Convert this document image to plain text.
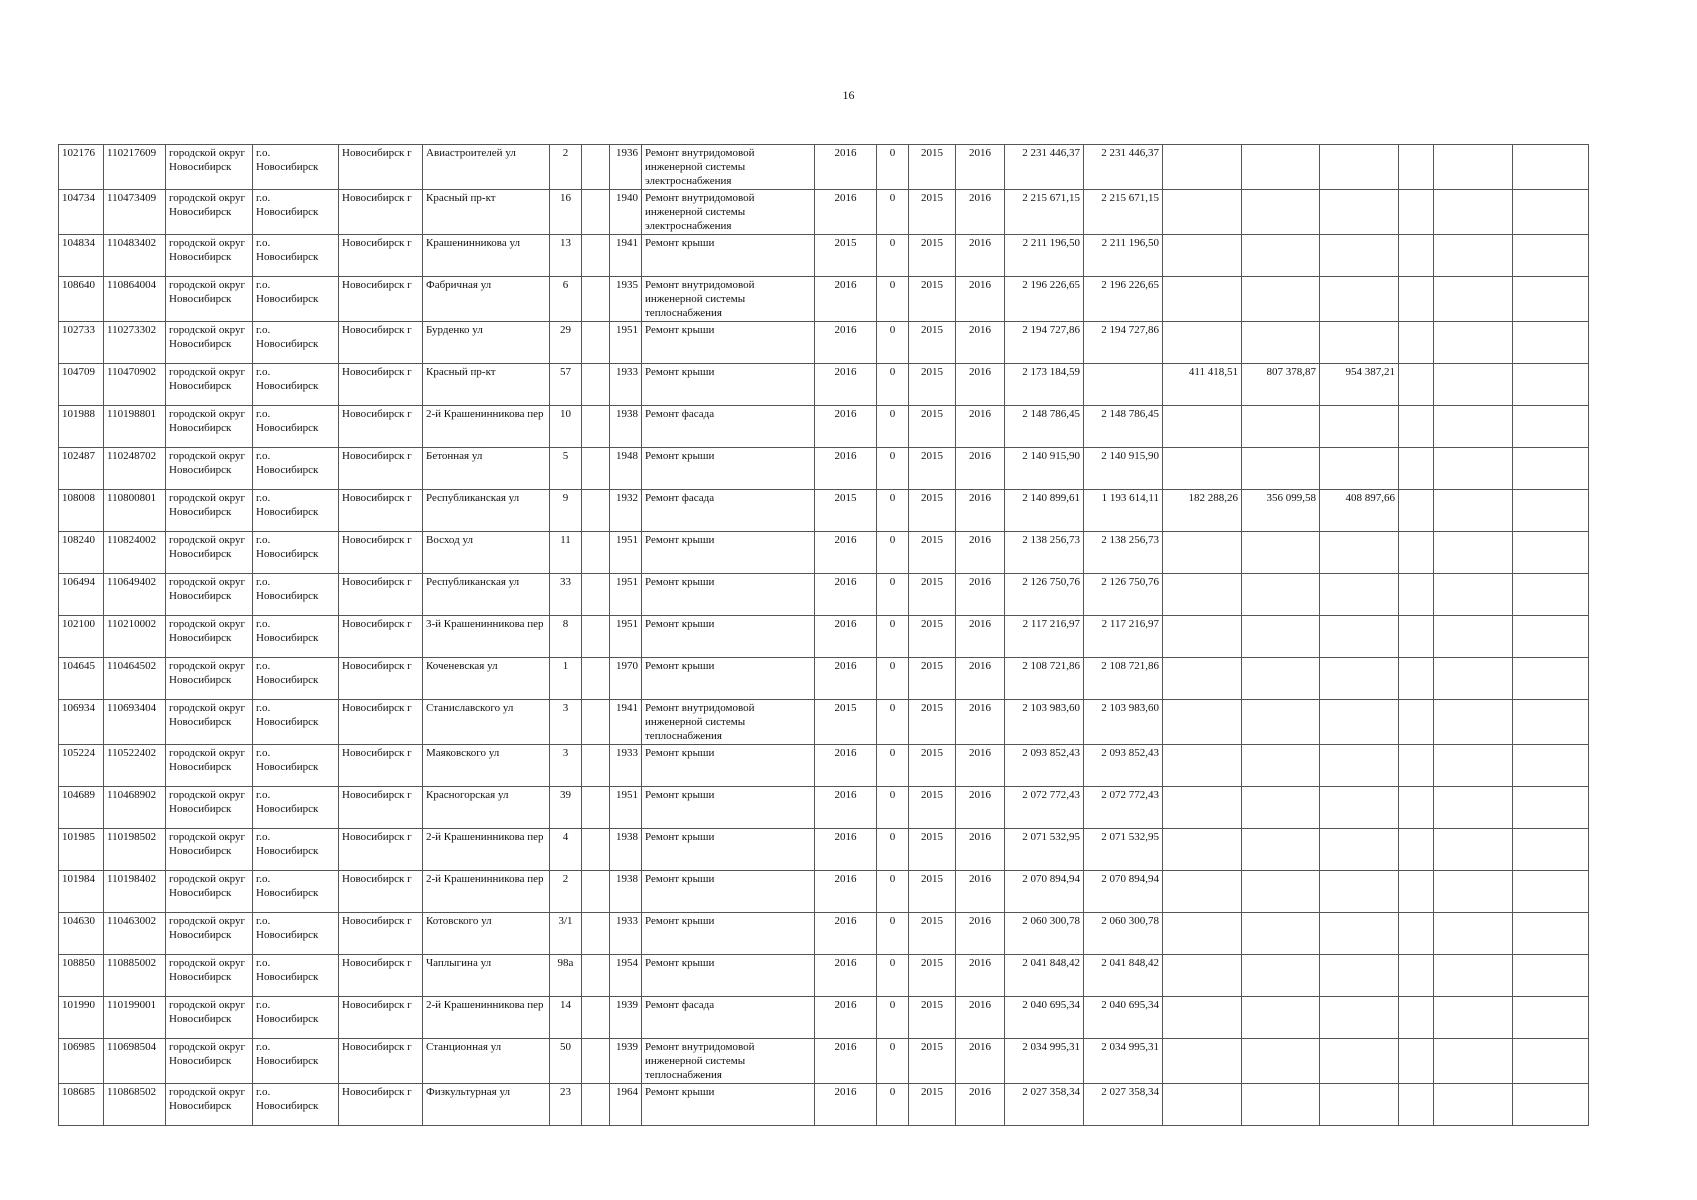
16
102176	110217609	городской округ Новосибирск	г.о. Новосибирск	Новосибирск г	Авиастроителей ул	2		1936	Ремонт внутридомовой инженерной системы электроснабжения	2016	0	2015	2016	2 231 446,37	2 231 446,37						
104734	110473409	городской округ Новосибирск	г.о. Новосибирск	Новосибирск г	Красный пр-кт	16		1940	Ремонт внутридомовой инженерной системы электроснабжения	2016	0	2015	2016	2 215 671,15	2 215 671,15						
104834	110483402	городской округ Новосибирск	г.о. Новосибирск	Новосибирск г	Крашенинникова ул	13		1941	Ремонт крыши	2015	0	2015	2016	2 211 196,50	2 211 196,50						
108640	110864004	городской округ Новосибирск	г.о. Новосибирск	Новосибирск г	Фабричная ул	6		1935	Ремонт внутридомовой инженерной системы теплоснабжения	2016	0	2015	2016	2 196 226,65	2 196 226,65						
102733	110273302	городской округ Новосибирск	г.о. Новосибирск	Новосибирск г	Бурденко ул	29		1951	Ремонт крыши	2016	0	2015	2016	2 194 727,86	2 194 727,86						
104709	110470902	городской округ Новосибирск	г.о. Новосибирск	Новосибирск г	Красный пр-кт	57		1933	Ремонт крыши	2016	0	2015	2016	2 173 184,59		411 418,51	807 378,87	954 387,21			
101988	110198801	городской округ Новосибирск	г.о. Новосибирск	Новосибирск г	2-й Крашенинникова пер	10		1938	Ремонт фасада	2016	0	2015	2016	2 148 786,45	2 148 786,45						
102487	110248702	городской округ Новосибирск	г.о. Новосибирск	Новосибирск г	Бетонная ул	5		1948	Ремонт крыши	2016	0	2015	2016	2 140 915,90	2 140 915,90						
108008	110800801	городской округ Новосибирск	г.о. Новосибирск	Новосибирск г	Республиканская ул	9		1932	Ремонт фасада	2015	0	2015	2016	2 140 899,61	1 193 614,11	182 288,26	356 099,58	408 897,66			
108240	110824002	городской округ Новосибирск	г.о. Новосибирск	Новосибирск г	Восход ул	11		1951	Ремонт крыши	2016	0	2015	2016	2 138 256,73	2 138 256,73						
106494	110649402	городской округ Новосибирск	г.о. Новосибирск	Новосибирск г	Республиканская ул	33		1951	Ремонт крыши	2016	0	2015	2016	2 126 750,76	2 126 750,76						
102100	110210002	городской округ Новосибирск	г.о. Новосибирск	Новосибирск г	3-й Крашенинникова пер	8		1951	Ремонт крыши	2016	0	2015	2016	2 117 216,97	2 117 216,97						
104645	110464502	городской округ Новосибирск	г.о. Новосибирск	Новосибирск г	Коченевская ул	1		1970	Ремонт крыши	2016	0	2015	2016	2 108 721,86	2 108 721,86						
106934	110693404	городской округ Новосибирск	г.о. Новосибирск	Новосибирск г	Станиславского ул	3		1941	Ремонт внутридомовой инженерной системы теплоснабжения	2015	0	2015	2016	2 103 983,60	2 103 983,60						
105224	110522402	городской округ Новосибирск	г.о. Новосибирск	Новосибирск г	Маяковского ул	3		1933	Ремонт крыши	2016	0	2015	2016	2 093 852,43	2 093 852,43						
104689	110468902	городской округ Новосибирск	г.о. Новосибирск	Новосибирск г	Красногорская ул	39		1951	Ремонт крыши	2016	0	2015	2016	2 072 772,43	2 072 772,43						
101985	110198502	городской округ Новосибирск	г.о. Новосибирск	Новосибирск г	2-й Крашенинникова пер	4		1938	Ремонт крыши	2016	0	2015	2016	2 071 532,95	2 071 532,95						
101984	110198402	городской округ Новосибирск	г.о. Новосибирск	Новосибирск г	2-й Крашенинникова пер	2		1938	Ремонт крыши	2016	0	2015	2016	2 070 894,94	2 070 894,94						
104630	110463002	городской округ Новосибирск	г.о. Новосибирск	Новосибирск г	Котовского ул	3/1		1933	Ремонт крыши	2016	0	2015	2016	2 060 300,78	2 060 300,78						
108850	110885002	городской округ Новосибирск	г.о. Новосибирск	Новосибирск г	Чаплыгина ул	98а		1954	Ремонт крыши	2016	0	2015	2016	2 041 848,42	2 041 848,42						
101990	110199001	городской округ Новосибирск	г.о. Новосибирск	Новосибирск г	2-й Крашенинникова пер	14		1939	Ремонт фасада	2016	0	2015	2016	2 040 695,34	2 040 695,34						
106985	110698504	городской округ Новосибирск	г.о. Новосибирск	Новосибирск г	Станционная ул	50		1939	Ремонт внутридомовой инженерной системы теплоснабжения	2016	0	2015	2016	2 034 995,31	2 034 995,31						
108685	110868502	городской округ Новосибирск	г.о. Новосибирск	Новосибирск г	Физкультурная ул	23		1964	Ремонт крыши	2016	0	2015	2016	2 027 358,34	2 027 358,34						
